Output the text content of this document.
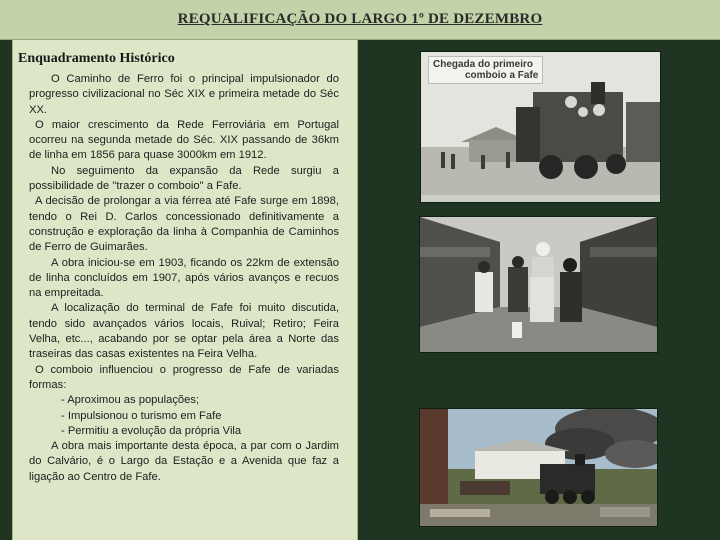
REQUALIFICAÇÃO DO LARGO 1º DE DEZEMBRO
Enquadramento Histórico

O Caminho de Ferro foi o principal impulsionador do progresso civilizacional no Séc XIX e primeira metade do Séc XX.

O maior crescimento da Rede Ferroviária em Portugal ocorreu na segunda metade do Séc. XIX passando de 36km de linha em 1856 para quase 3000km em 1912.

No seguimento da expansão da Rede surgiu a possibilidade de "trazer o comboio" a Fafe.

A decisão de prolongar a via férrea até Fafe surge em 1898, tendo o Rei D. Carlos concessionado definitivamente a construção e exploração da linha à Companhia de Caminhos de Ferro de Guimarães.

A obra iniciou-se em 1903, ficando os 22km de extensão de linha concluídos em 1907, após vários avanços e recuos na empreitada.

A localização do terminal de Fafe foi muito discutida, tendo sido avançados vários locais, Ruival; Retiro; Feira Velha, etc..., acabando por se optar pela área a Norte das traseiras das casas existentes na Feira Velha.

O comboio influenciou o progresso de Fafe de variadas formas:

- Aproximou as populações;

- Impulsionou o turismo em Fafe

- Permitiu a evolução da própria Vila

A obra mais importante desta época, a par com o Jardim do Calvário, é o Largo da Estação e a Avenida que faz a ligação ao Centro de Fafe.

Chegada do primeiro
comboio a Fafe
